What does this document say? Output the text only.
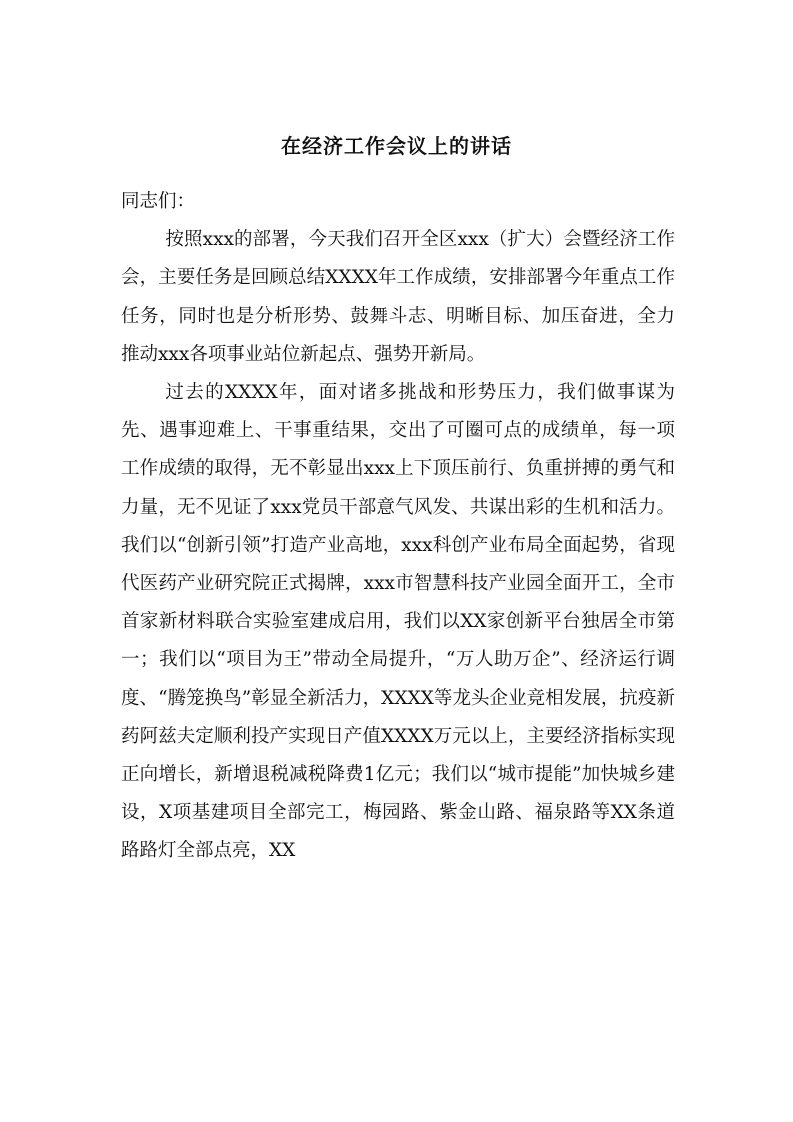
在经济工作会议上的讲话

同志们：

按照xxx的部署，今天我们召开全区xxx（扩大）会暨经济工作会，主要任务是回顾总结XXXX年工作成绩，安排部署今年重点工作任务，同时也是分析形势、鼓舞斗志、明晰目标、加压奋进，全力推动xxx各项事业站位新起点、强势开新局。

过去的XXXX年，面对诸多挑战和形势压力，我们做事谋为先、遇事迎难上、干事重结果，交出了可圈可点的成绩单，每一项工作成绩的取得，无不彰显出xxx上下顶压前行、负重拼搏的勇气和力量，无不见证了xxx党员干部意气风发、共谋出彩的生机和活力。我们以“创新引领”打造产业高地，xxx科创产业布局全面起势，省现代医药产业研究院正式揭牌，xxx市智慧科技产业园全面开工，全市首家新材料联合实验室建成启用，我们以XX家创新平台独居全市第一；我们以“项目为王”带动全局提升，“万人助万企”、经济运行调度、“腾笼换鸟”彰显全新活力，XXXX等龙头企业竞相发展，抗疫新药阿兹夫定顺利投产实现日产值XXXX万元以上，主要经济指标实现正向增长，新增退税减税降费1亿元；我们以“城市提能”加快城乡建设，X项基建项目全部完工，梅园路、紫金山路、福泉路等XX条道路路灯全部点亮，XX
